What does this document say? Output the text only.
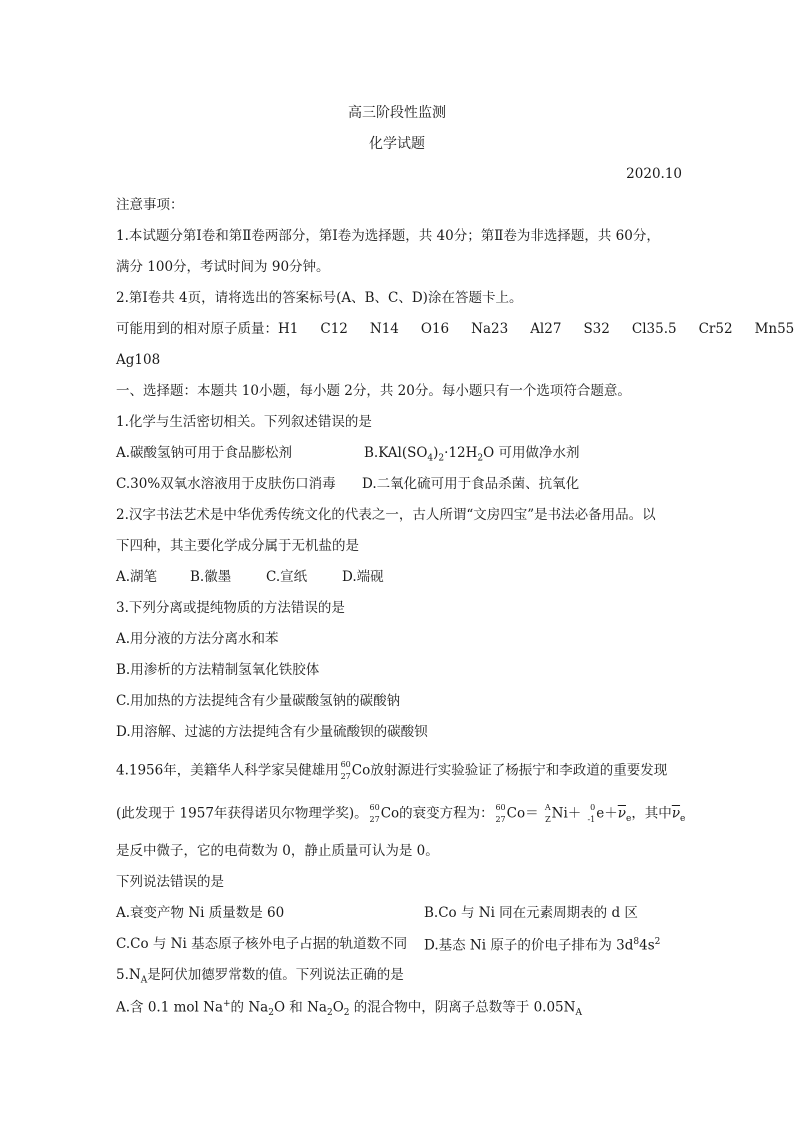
高三阶段性监测
化学试题
2020.10
注意事项：
1.本试题分第Ⅰ卷和第Ⅱ卷两部分，第Ⅰ卷为选择题，共 40分；第Ⅱ卷为非选择题，共 60分，
满分 100分，考试时间为 90分钟。
2.第Ⅰ卷共 4页，请将选出的答案标号(A、B、C、D)涂在答题卡上。
可能用到的相对原子质量：H1 C12 N14 O16 Na23 Al27 S32 Cl35.5 Cr52 Mn55
Ag108
一、选择题：本题共 10小题，每小题 2分，共 20分。每小题只有一个选项符合题意。
1.化学与生活密切相关。下列叙述错误的是
A.碳酸氢钠可用于食品膨松剂	$B.KAl(SO_4)_2\cdot 12H_2O$ 可用做净水剂
C.30%双氧水溶液用于皮肤伤口消毒 D.二氧化硫可用于食品杀菌、抗氧化
2.汉字书法艺术是中华优秀传统文化的代表之一，古人所谓“文房四宝”是书法必备用品。以
下四种，其主要化学成分属于无机盐的是
A.湖笔 B.徽墨	C.宣纸	D.端砚
3.下列分离或提纯物质的方法错误的是
A.用分液的方法分离水和苯
B.用渗析的方法精制氢氧化铁胶体
C.用加热的方法提纯含有少量碳酸氢钠的碳酸钠
D.用溶解、过滤的方法提纯含有少量硫酸钡的碳酸钡
4.1956年，美籍华人科学家吴健雄用 60
27 Co放射源进行实验验证了杨振宁和李政道的重要发现
(此发现于 1957年获得诺贝尔物理学奖)。 60
27 Co的衰变方程为： 60
27 Co＝ A
Z Ni＋ 0
-1 $e+\overline{\nu}_e$，其中$\overline{\nu}_e$
是反中微子，它的电荷数为 0，静止质量可认为是 0。
下列说法错误的是
A.衰变产物 Ni 质量数是 60	B.Co 与 Ni 同在元素周期表的 d 区
C.Co 与 Ni 基态原子核外电子占据的轨道数不同 D.基态 Ni 原子的价电子排布为 $3d^84s^2$
$5.N_A$是阿伏加德罗常数的值。下列说法正确的是
A.含 0.1 mol Na+的 $Na_2O$ 和 $Na_2O_2$ 的混合物中，阴离子总数等于 $0.05N_A$
